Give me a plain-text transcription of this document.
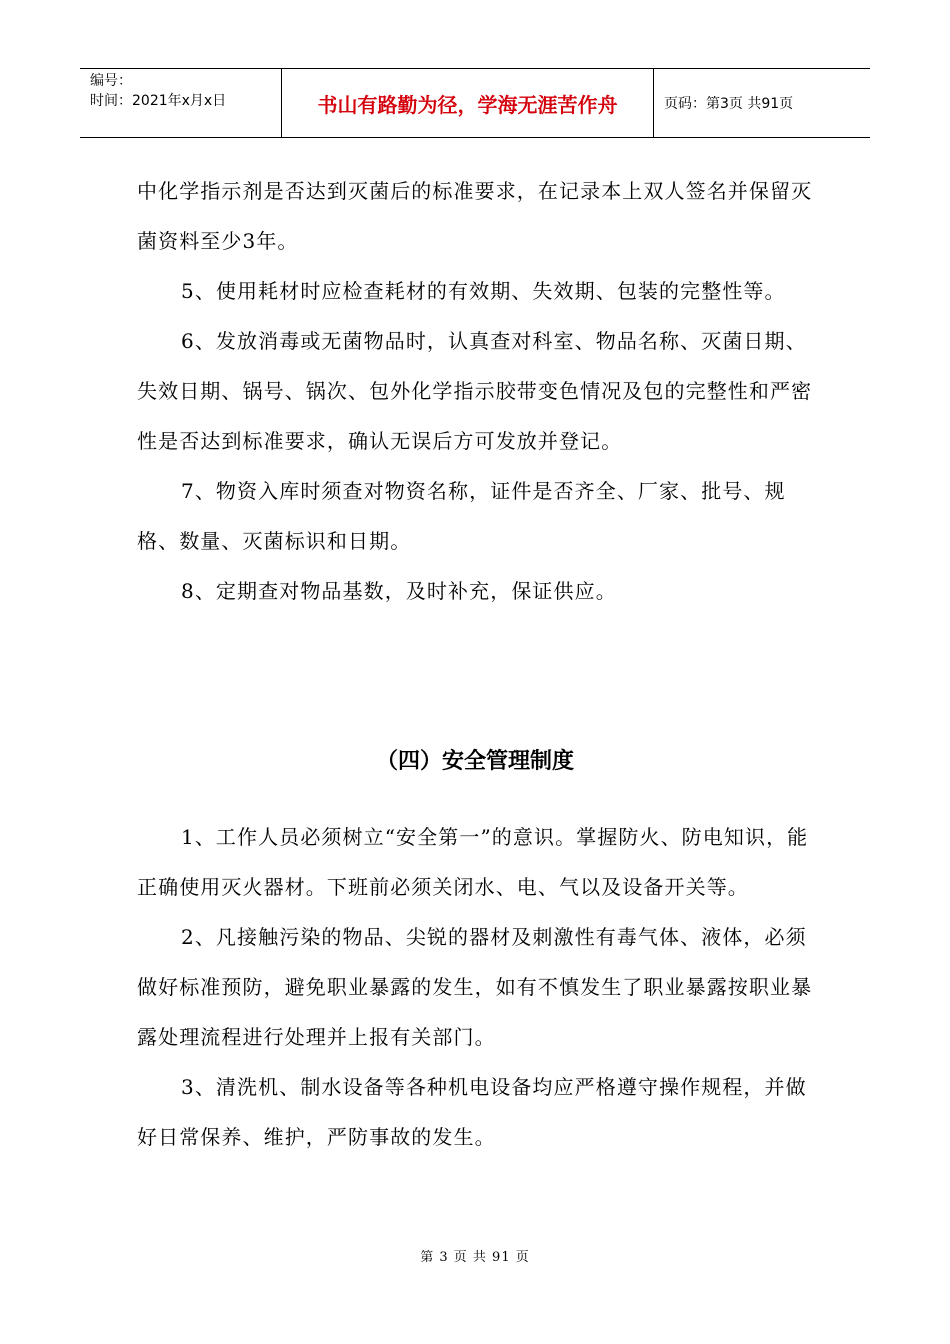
编号：
时间：2021年x月x日	书山有路勤为径，学海无涯苦作舟	页码：第3页 共91页

中化学指示剂是否达到灭菌后的标准要求，在记录本上双人签名并保留灭菌资料至少3年。

5、使用耗材时应检查耗材的有效期、失效期、包装的完整性等。

6、发放消毒或无菌物品时，认真查对科室、物品名称、灭菌日期、失效日期、锅号、锅次、包外化学指示胶带变色情况及包的完整性和严密性是否达到标准要求，确认无误后方可发放并登记。

7、物资入库时须查对物资名称，证件是否齐全、厂家、批号、规格、数量、灭菌标识和日期。

8、定期查对物品基数，及时补充，保证供应。

（四）安全管理制度

1、工作人员必须树立“安全第一”的意识。掌握防火、防电知识，能正确使用灭火器材。下班前必须关闭水、电、气以及设备开关等。

2、凡接触污染的物品、尖锐的器材及刺激性有毒气体、液体，必须做好标准预防，避免职业暴露的发生，如有不慎发生了职业暴露按职业暴露处理流程进行处理并上报有关部门。

3、清洗机、制水设备等各种机电设备均应严格遵守操作规程，并做好日常保养、维护，严防事故的发生。

第 3 页 共 91 页
